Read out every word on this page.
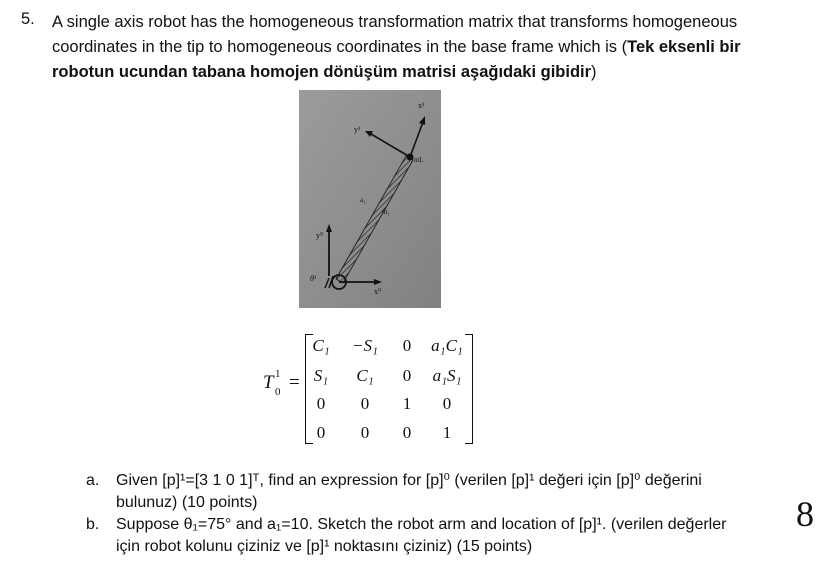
5. A single axis robot has the homogeneous transformation matrix that transforms homogeneous
coordinates in the tip to homogeneous coordinates in the base frame which is (Tek eksenli bir
robotun ucundan tabana homojen dönüşüm matrisi aşağıdaki gibidir)
x¹
y¹
mL
a₁
m₁
y⁰
θ¹
x⁰
T 1
0 =
C₁	−S₁	0	a₁C₁
S₁	C₁	0	a₁S₁
0	0	1	0
0	0	0	1
a. Given [p]¹=[3 1 0 1]ᵀ, find an expression for [p]⁰ (verilen [p]¹ değeri için [p]⁰ değerini
bulunuz) (10 points)
b. Suppose θ₁=75° and a₁=10. Sketch the robot arm and location of [p]¹. (verilen değerler
için robot kolunu çiziniz ve [p]¹ noktasını çiziniz) (15 points)
8
